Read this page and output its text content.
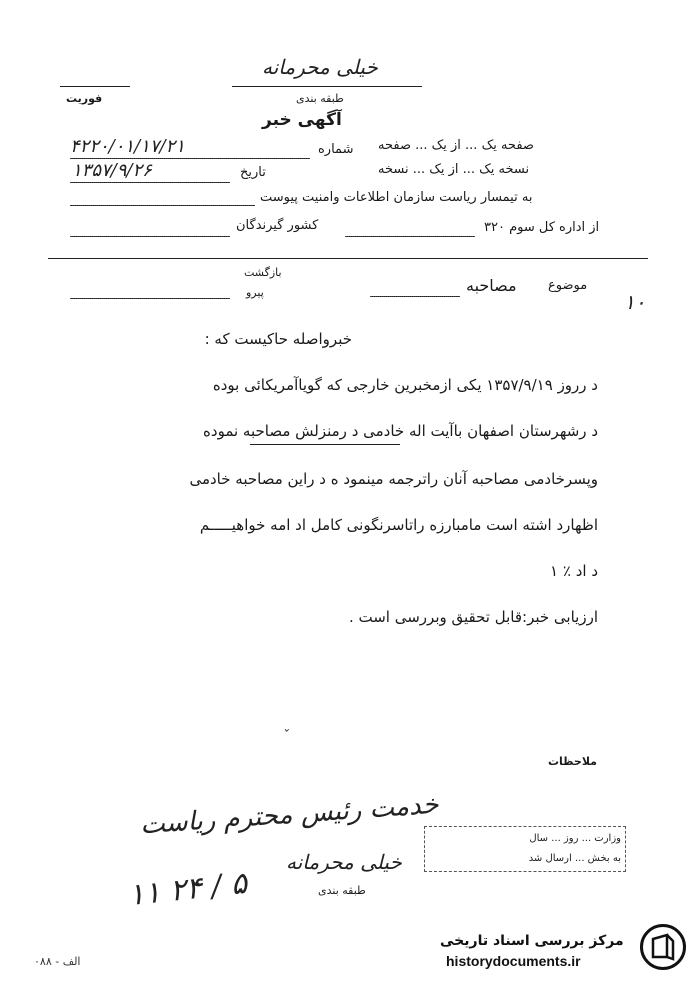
خیلی محرمانه
طبقه بندی
فوریت
آگهی خبر
صفحه یک ... از یک ... صفحه
نسخه یک ... از یک ... نسخه
شماره
۴۲۲۰/۰۱/۱۷/۲۱
تاریخ
۱۳۵۷/۹/۲۶
به تیمسار ریاست سازمان اطلاعات وامنیت پیوست
از اداره کل سوم ۳۲۰
کشور گیرندگان
بازگشت
پیرو	موضوع
مصاحبه
۱۰
خبرواصله حاکیست که :
د رروز ۱۳۵۷/۹/۱۹ یکی ازمخبرین خارجی که گویاآمریکائی بوده
د رشهرستان اصفهان باآیت اله خادمی د رمنزلش مصاحبه نموده
وپسرخادمی مصاحبه آنان راترجمه مینمود ه د راین مصاحبه خادمی
اظهارد اشته است مامبارزه راتاسرنگونی کامل اد امه خواهیـــــم
د اد ٪ ۱
ارزیابی خبر:قابل تحقیق وبررسی است .
ˇ
ملاحظات
خدمت رئیس محترم ریاست
خیلی محرمانه
طبقه بندی
۱۱ ۲۴ / ۵
وزارت ... روز ... سال
به بخش ... ارسال شد
۰۸۸ - الف
مرکز بررسی اسناد تاریخی
historydocuments.ir
